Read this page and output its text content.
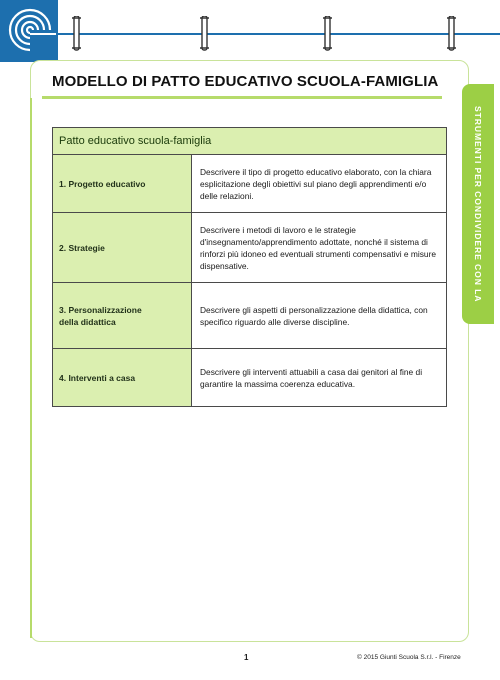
MODELLO DI PATTO EDUCATIVO SCUOLA-FAMIGLIA
STRUMENTI PER CONDIVIDERE CON LA FAMIGLIA
Patto educativo scuola-famiglia	
1. Progetto educativo	Descrivere il tipo di progetto educativo elaborato, con la chiara esplicitazione degli obiettivi sul piano degli apprendimenti e/o delle relazioni.
2. Strategie	Descrivere i metodi di lavoro e le strategie d'insegnamento/apprendimento adottate, nonché il sistema di rinforzi più idoneo ed eventuali strumenti compensativi e misure dispensative.

3. Personalizzazione della didattica	Descrivere gli aspetti di personalizzazione della didattica, con specifico riguardo alle diverse discipline.
4. Interventi a casa	Descrivere gli interventi attuabili a casa dai genitori al fine di garantire la massima coerenza educativa.
1	© 2015 Giunti Scuola S.r.l. - Firenze
